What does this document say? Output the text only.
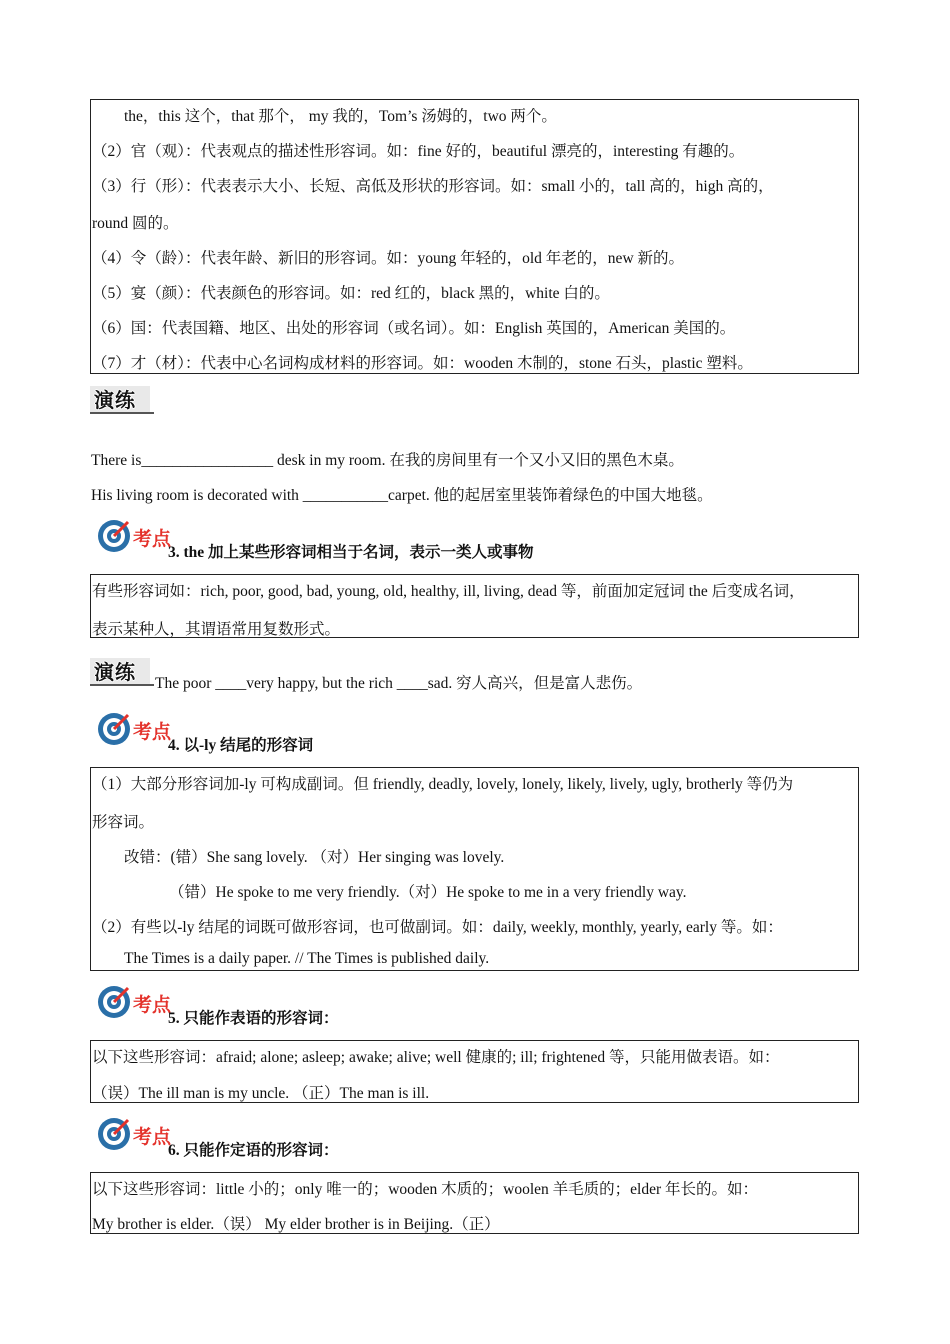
the，this 这个，that 那个， my 我的，Tom’s 汤姆的，two 两个。
（2）官（观）：代表观点的描述性形容词。如：fine 好的，beautiful 漂亮的，interesting 有趣的。
（3）行（形）：代表表示大小、长短、高低及形状的形容词。如：small 小的，tall 高的，high 高的，
round 圆的。
（4）令（龄）：代表年龄、新旧的形容词。如：young 年轻的，old 年老的，new 新的。
（5）宴（颜）：代表颜色的形容词。如：red 红的，black 黑的，white 白的。
（6）国：代表国籍、地区、出处的形容词（或名词）。如：English 英国的，American 美国的。
（7）才（材）：代表中心名词构成材料的形容词。如：wooden 木制的，stone 石头，plastic 塑料。
演练
There is_________________ desk in my room. 在我的房间里有一个又小又旧的黑色木桌。
His living room is decorated with ___________carpet. 他的起居室里装饰着绿色的中国大地毯。
考点
3. the 加上某些形容词相当于名词，表示一类人或事物
有些形容词如：rich, poor, good, bad, young, old, healthy, ill, living, dead 等，前面加定冠词 the 后变成名词，
表示某种人，其谓语常用复数形式。
演练 The poor ____very happy, but the rich ____sad. 穷人高兴，但是富人悲伤。
考点
4. 以-ly 结尾的形容词
（1）大部分形容词加-ly 可构成副词。但 friendly, deadly, lovely, lonely, likely, lively, ugly, brotherly 等仍为
形容词。
改错：(错）She sang lovely. （对）Her singing was lovely.
（错）He spoke to me very friendly.（对）He spoke to me in a very friendly way.
（2）有些以-ly 结尾的词既可做形容词，也可做副词。如：daily, weekly, monthly, yearly, early 等。如：
The Times is a daily paper. // The Times is published daily.
考点
5. 只能作表语的形容词：
以下这些形容词：afraid; alone; asleep; awake; alive; well 健康的; ill; frightened 等，只能用做表语。如：
（误）The ill man is my uncle. （正）The man is ill.
考点
6. 只能作定语的形容词：
以下这些形容词：little 小的；only 唯一的；wooden 木质的；woolen 羊毛质的；elder 年长的。如：
My brother is elder.（误） My elder brother is in Beijing.（正）
